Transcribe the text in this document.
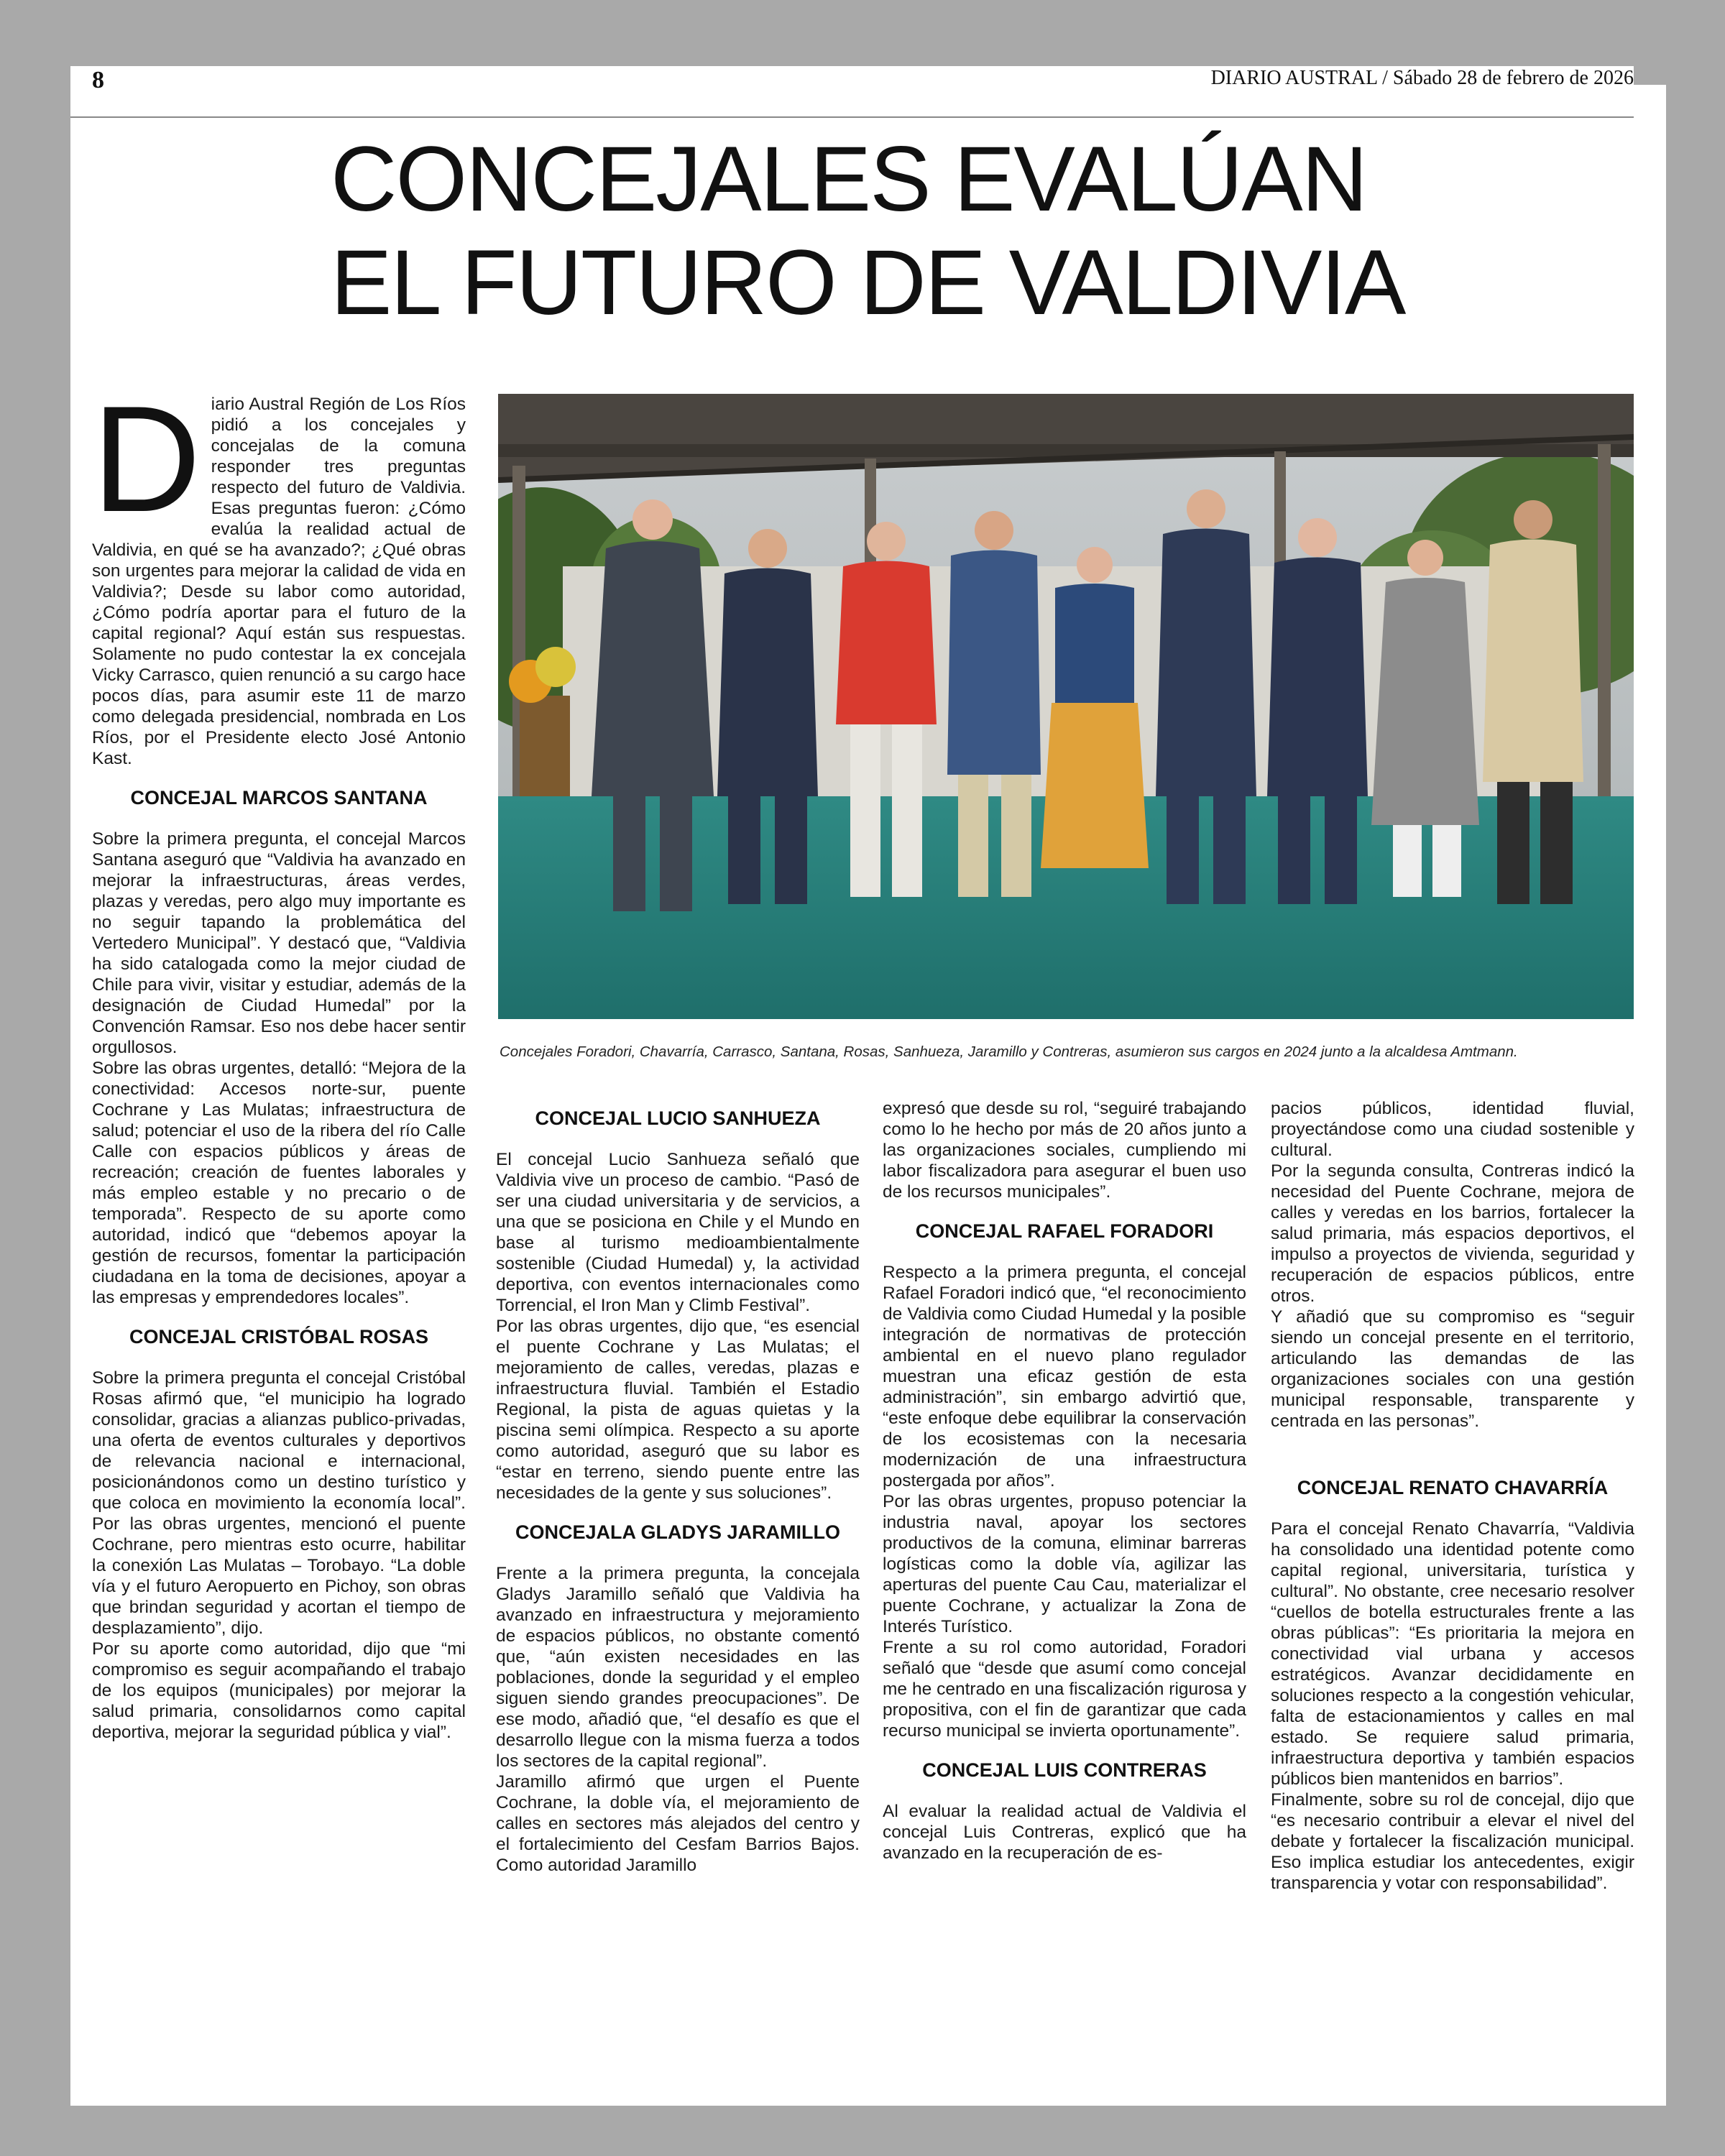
8	DIARIO AUSTRAL / Sábado 28 de febrero de 2026
CONCEJALES EVALÚAN
EL FUTURO DE VALDIVIA

Diario Austral Región de Los Ríos pidió a los concejales y concejalas de la comuna responder tres preguntas respecto del futuro de Valdivia. Esas preguntas fueron: ¿Cómo evalúa la realidad actual de Valdivia, en qué se ha avanzado?; ¿Qué obras son urgentes para mejorar la calidad de vida en Valdivia?; Desde su labor como autoridad, ¿Cómo podría aportar para el futuro de la capital regional? Aquí están sus respuestas. Solamente no pudo contestar la ex concejala Vicky Carrasco, quien renunció a su cargo hace pocos días, para asumir este 11 de marzo como delegada presidencial, nombrada en Los Ríos, por el Presidente electo José Antonio Kast.

CONCEJAL MARCOS SANTANA

Sobre la primera pregunta, el concejal Marcos Santana aseguró que “Valdivia ha avanzado en mejorar la infraestructuras, áreas verdes, plazas y veredas, pero algo muy importante es no seguir tapando la problemática del Vertedero Municipal”. Y destacó que, “Valdivia ha sido catalogada como la mejor ciudad de Chile para vivir, visitar y estudiar, además de la designación de Ciudad Humedal” por la Convención Ramsar. Eso nos debe hacer sentir orgullosos.

Sobre las obras urgentes, detalló: “Mejora de la conectividad: Accesos norte-sur, puente Cochrane y Las Mulatas; infraestructura de salud; potenciar el uso de la ribera del río Calle Calle con espacios públicos y áreas de recreación; creación de fuentes laborales y más empleo estable y no precario o de temporada”. Respecto de su aporte como autoridad, indicó que “debemos apoyar la gestión de recursos, fomentar la participación ciudadana en la toma de decisiones, apoyar a las empresas y emprendedores locales”.

CONCEJAL CRISTÓBAL ROSAS

Sobre la primera pregunta el concejal Cristóbal Rosas afirmó que, “el municipio ha logrado consolidar, gracias a alianzas publico-privadas, una oferta de eventos culturales y deportivos de relevancia nacional e internacional, posicionándonos como un destino turístico y que coloca en movimiento la economía local”. Por las obras urgentes, mencionó el puente Cochrane, pero mientras esto ocurre, habilitar la conexión Las Mulatas – Torobayo. “La doble vía y el futuro Aeropuerto en Pichoy, son obras que brindan seguridad y acortan el tiempo de desplazamiento”, dijo.

Por su aporte como autoridad, dijo que “mi compromiso es seguir acompañando el trabajo de los equipos (municipales) por mejorar la salud primaria, consolidarnos como capital deportiva, mejorar la seguridad pública y vial”.

Concejales Foradori, Chavarría, Carrasco, Santana, Rosas, Sanhueza, Jaramillo y Contreras, asumieron sus cargos en 2024 junto a la alcaldesa Amtmann.

CONCEJAL LUCIO SANHUEZA

El concejal Lucio Sanhueza señaló que Valdivia vive un proceso de cambio. “Pasó de ser una ciudad universitaria y de servicios, a una que se posiciona en Chile y el Mundo en base al turismo medioambientalmente sostenible (Ciudad Humedal) y, la actividad deportiva, con eventos internacionales como Torrencial, el Iron Man y Climb Festival”.

Por las obras urgentes, dijo que, “es esencial el puente Cochrane y Las Mulatas; el mejoramiento de calles, veredas, plazas e infraestructura fluvial. También el Estadio Regional, la pista de aguas quietas y la piscina semi olímpica. Respecto a su aporte como autoridad, aseguró que su labor es “estar en terreno, siendo puente entre las necesidades de la gente y sus soluciones”.

CONCEJALA GLADYS JARAMILLO

Frente a la primera pregunta, la concejala Gladys Jaramillo señaló que Valdivia ha avanzado en infraestructura y mejoramiento de espacios públicos, no obstante comentó que, “aún existen necesidades en las poblaciones, donde la seguridad y el empleo siguen siendo grandes preocupaciones”. De ese modo, añadió que, “el desafío es que el desarrollo llegue con la misma fuerza a todos los sectores de la capital regional”.

Jaramillo afirmó que urgen el Puente Cochrane, la doble vía, el mejoramiento de calles en sectores más alejados del centro y el fortalecimiento del Cesfam Barrios Bajos. Como autoridad Jaramillo

expresó que desde su rol, “seguiré trabajando como lo he hecho por más de 20 años junto a las organizaciones sociales, cumpliendo mi labor fiscalizadora para asegurar el buen uso de los recursos municipales”.

CONCEJAL RAFAEL FORADORI

Respecto a la primera pregunta, el concejal Rafael Foradori indicó que, “el reconocimiento de Valdivia como Ciudad Humedal y la posible integración de normativas de protección ambiental en el nuevo plano regulador muestran una eficaz gestión de esta administración”, sin embargo advirtió que, “este enfoque debe equilibrar la conservación de los ecosistemas con la necesaria modernización de una infraestructura postergada por años”.

Por las obras urgentes, propuso potenciar la industria naval, apoyar los sectores productivos de la comuna, eliminar barreras logísticas como la doble vía, agilizar las aperturas del puente Cau Cau, materializar el puente Cochrane, y actualizar la Zona de Interés Turístico.

Frente a su rol como autoridad, Foradori señaló que “desde que asumí como concejal me he centrado en una fiscalización rigurosa y propositiva, con el fin de garantizar que cada recurso municipal se invierta oportunamente”.

CONCEJAL LUIS CONTRERAS

Al evaluar la realidad actual de Valdivia el concejal Luis Contreras, explicó que ha avanzado en la recuperación de es-

pacios públicos, identidad fluvial, proyectándose como una ciudad sostenible y cultural.

Por la segunda consulta, Contreras indicó la necesidad del Puente Cochrane, mejora de calles y veredas en los barrios, fortalecer la salud primaria, más espacios deportivos, el impulso a proyectos de vivienda, seguridad y recuperación de espacios públicos, entre otros.

Y añadió que su compromiso es “seguir siendo un concejal presente en el territorio, articulando las demandas de las organizaciones sociales con una gestión municipal responsable, transparente y centrada en las personas”.

CONCEJAL RENATO CHAVARRÍA

Para el concejal Renato Chavarría, “Valdivia ha consolidado una identidad potente como capital regional, universitaria, turística y cultural”. No obstante, cree necesario resolver “cuellos de botella estructurales frente a las obras públicas”: “Es prioritaria la mejora en conectividad vial urbana y accesos estratégicos. Avanzar decididamente en soluciones respecto a la congestión vehicular, falta de estacionamientos y calles en mal estado. Se requiere salud primaria, infraestructura deportiva y también espacios públicos bien mantenidos en barrios”.

Finalmente, sobre su rol de concejal, dijo que “es necesario contribuir a elevar el nivel del debate y fortalecer la fiscalización municipal. Eso implica estudiar los antecedentes, exigir transparencia y votar con responsabilidad”.
